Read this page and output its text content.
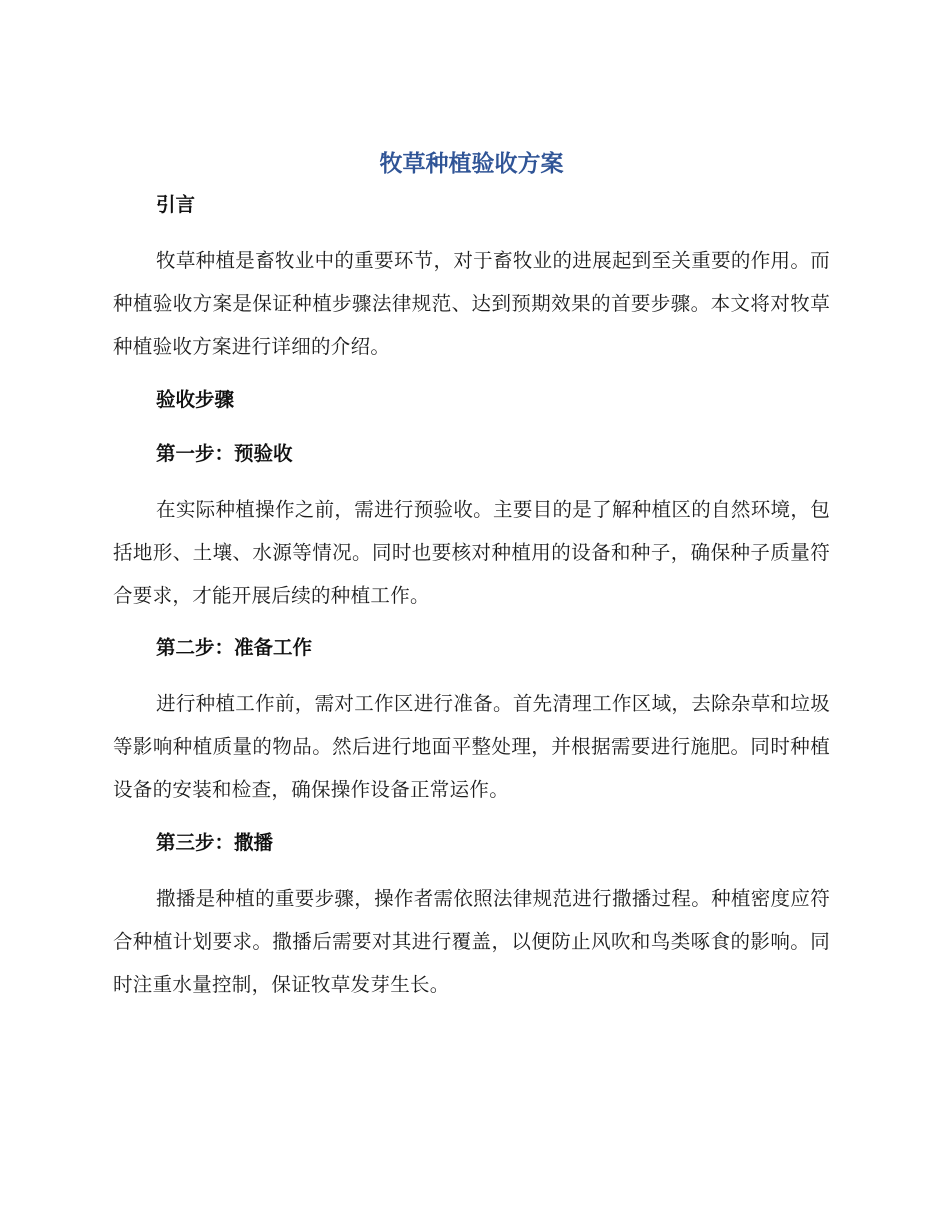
牧草种植验收方案
引言

牧草种植是畜牧业中的重要环节，对于畜牧业的进展起到至关重要的作用。而种植验收方案是保证种植步骤法律规范、达到预期效果的首要步骤。本文将对牧草种植验收方案进行详细的介绍。

验收步骤
第一步：预验收

在实际种植操作之前，需进行预验收。主要目的是了解种植区的自然环境，包括地形、土壤、水源等情况。同时也要核对种植用的设备和种子，确保种子质量符合要求，才能开展后续的种植工作。

第二步：准备工作

进行种植工作前，需对工作区进行准备。首先清理工作区域，去除杂草和垃圾等影响种植质量的物品。然后进行地面平整处理，并根据需要进行施肥。同时种植设备的安装和检查，确保操作设备正常运作。

第三步：撒播

撒播是种植的重要步骤，操作者需依照法律规范进行撒播过程。种植密度应符合种植计划要求。撒播后需要对其进行覆盖，以便防止风吹和鸟类啄食的影响。同时注重水量控制，保证牧草发芽生长。
